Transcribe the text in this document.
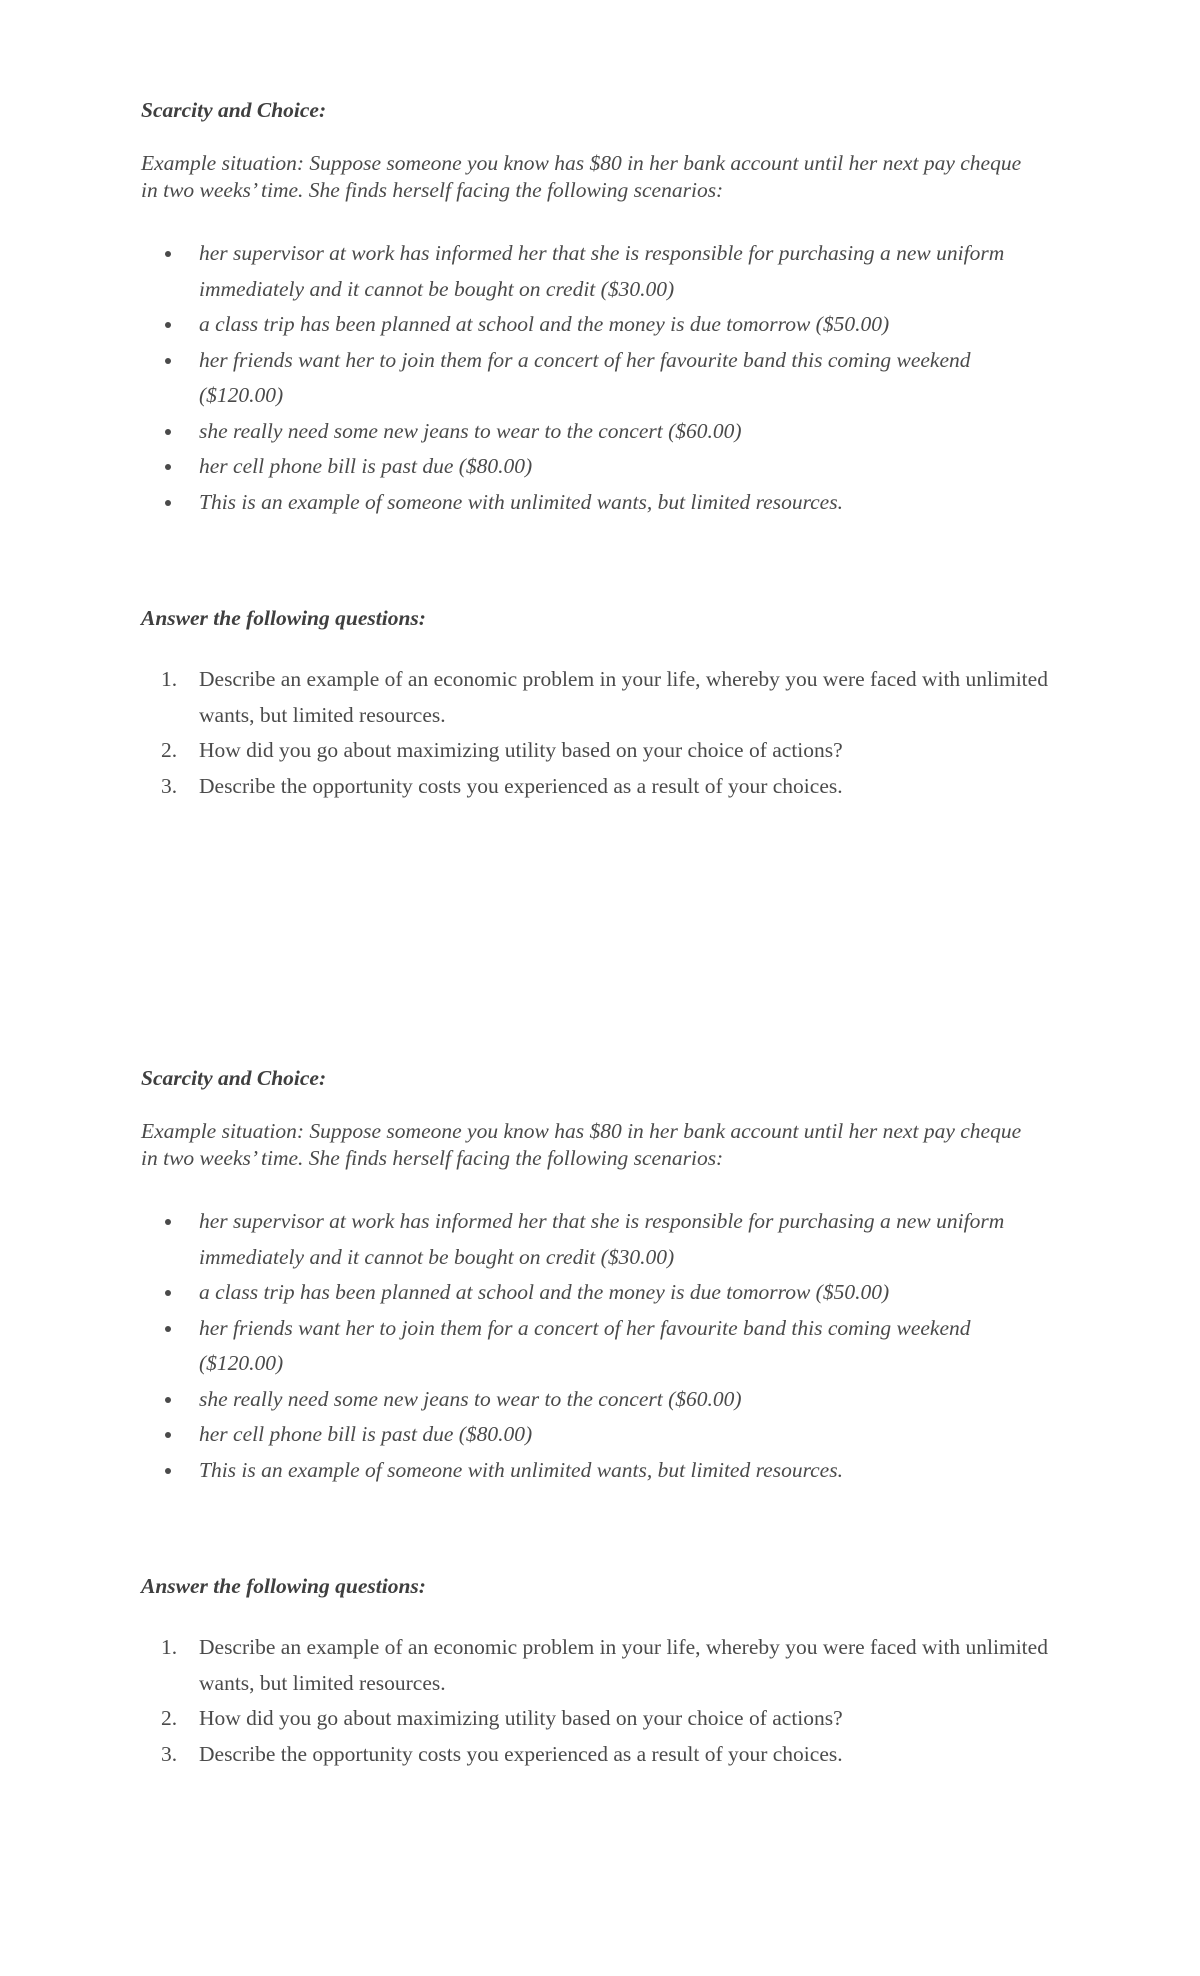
Scarcity and Choice:

Example situation: Suppose someone you know has $80 in her bank account until her next pay cheque in two weeks’ time. She finds herself facing the following scenarios:

her supervisor at work has informed her that she is responsible for purchasing a new uniform immediately and it cannot be bought on credit ($30.00)
a class trip has been planned at school and the money is due tomorrow ($50.00)
her friends want her to join them for a concert of her favourite band this coming weekend ($120.00)
she really need some new jeans to wear to the concert ($60.00)
her cell phone bill is past due ($80.00)
This is an example of someone with unlimited wants, but limited resources.

Answer the following questions:

1. Describe an example of an economic problem in your life, whereby you were faced with unlimited wants, but limited resources.
2. How did you go about maximizing utility based on your choice of actions?
3. Describe the opportunity costs you experienced as a result of your choices.

Scarcity and Choice:

Example situation: Suppose someone you know has $80 in her bank account until her next pay cheque in two weeks’ time. She finds herself facing the following scenarios:

her supervisor at work has informed her that she is responsible for purchasing a new uniform immediately and it cannot be bought on credit ($30.00)
a class trip has been planned at school and the money is due tomorrow ($50.00)
her friends want her to join them for a concert of her favourite band this coming weekend ($120.00)
she really need some new jeans to wear to the concert ($60.00)
her cell phone bill is past due ($80.00)
This is an example of someone with unlimited wants, but limited resources.

Answer the following questions:

1. Describe an example of an economic problem in your life, whereby you were faced with unlimited wants, but limited resources.
2. How did you go about maximizing utility based on your choice of actions?
3. Describe the opportunity costs you experienced as a result of your choices.
